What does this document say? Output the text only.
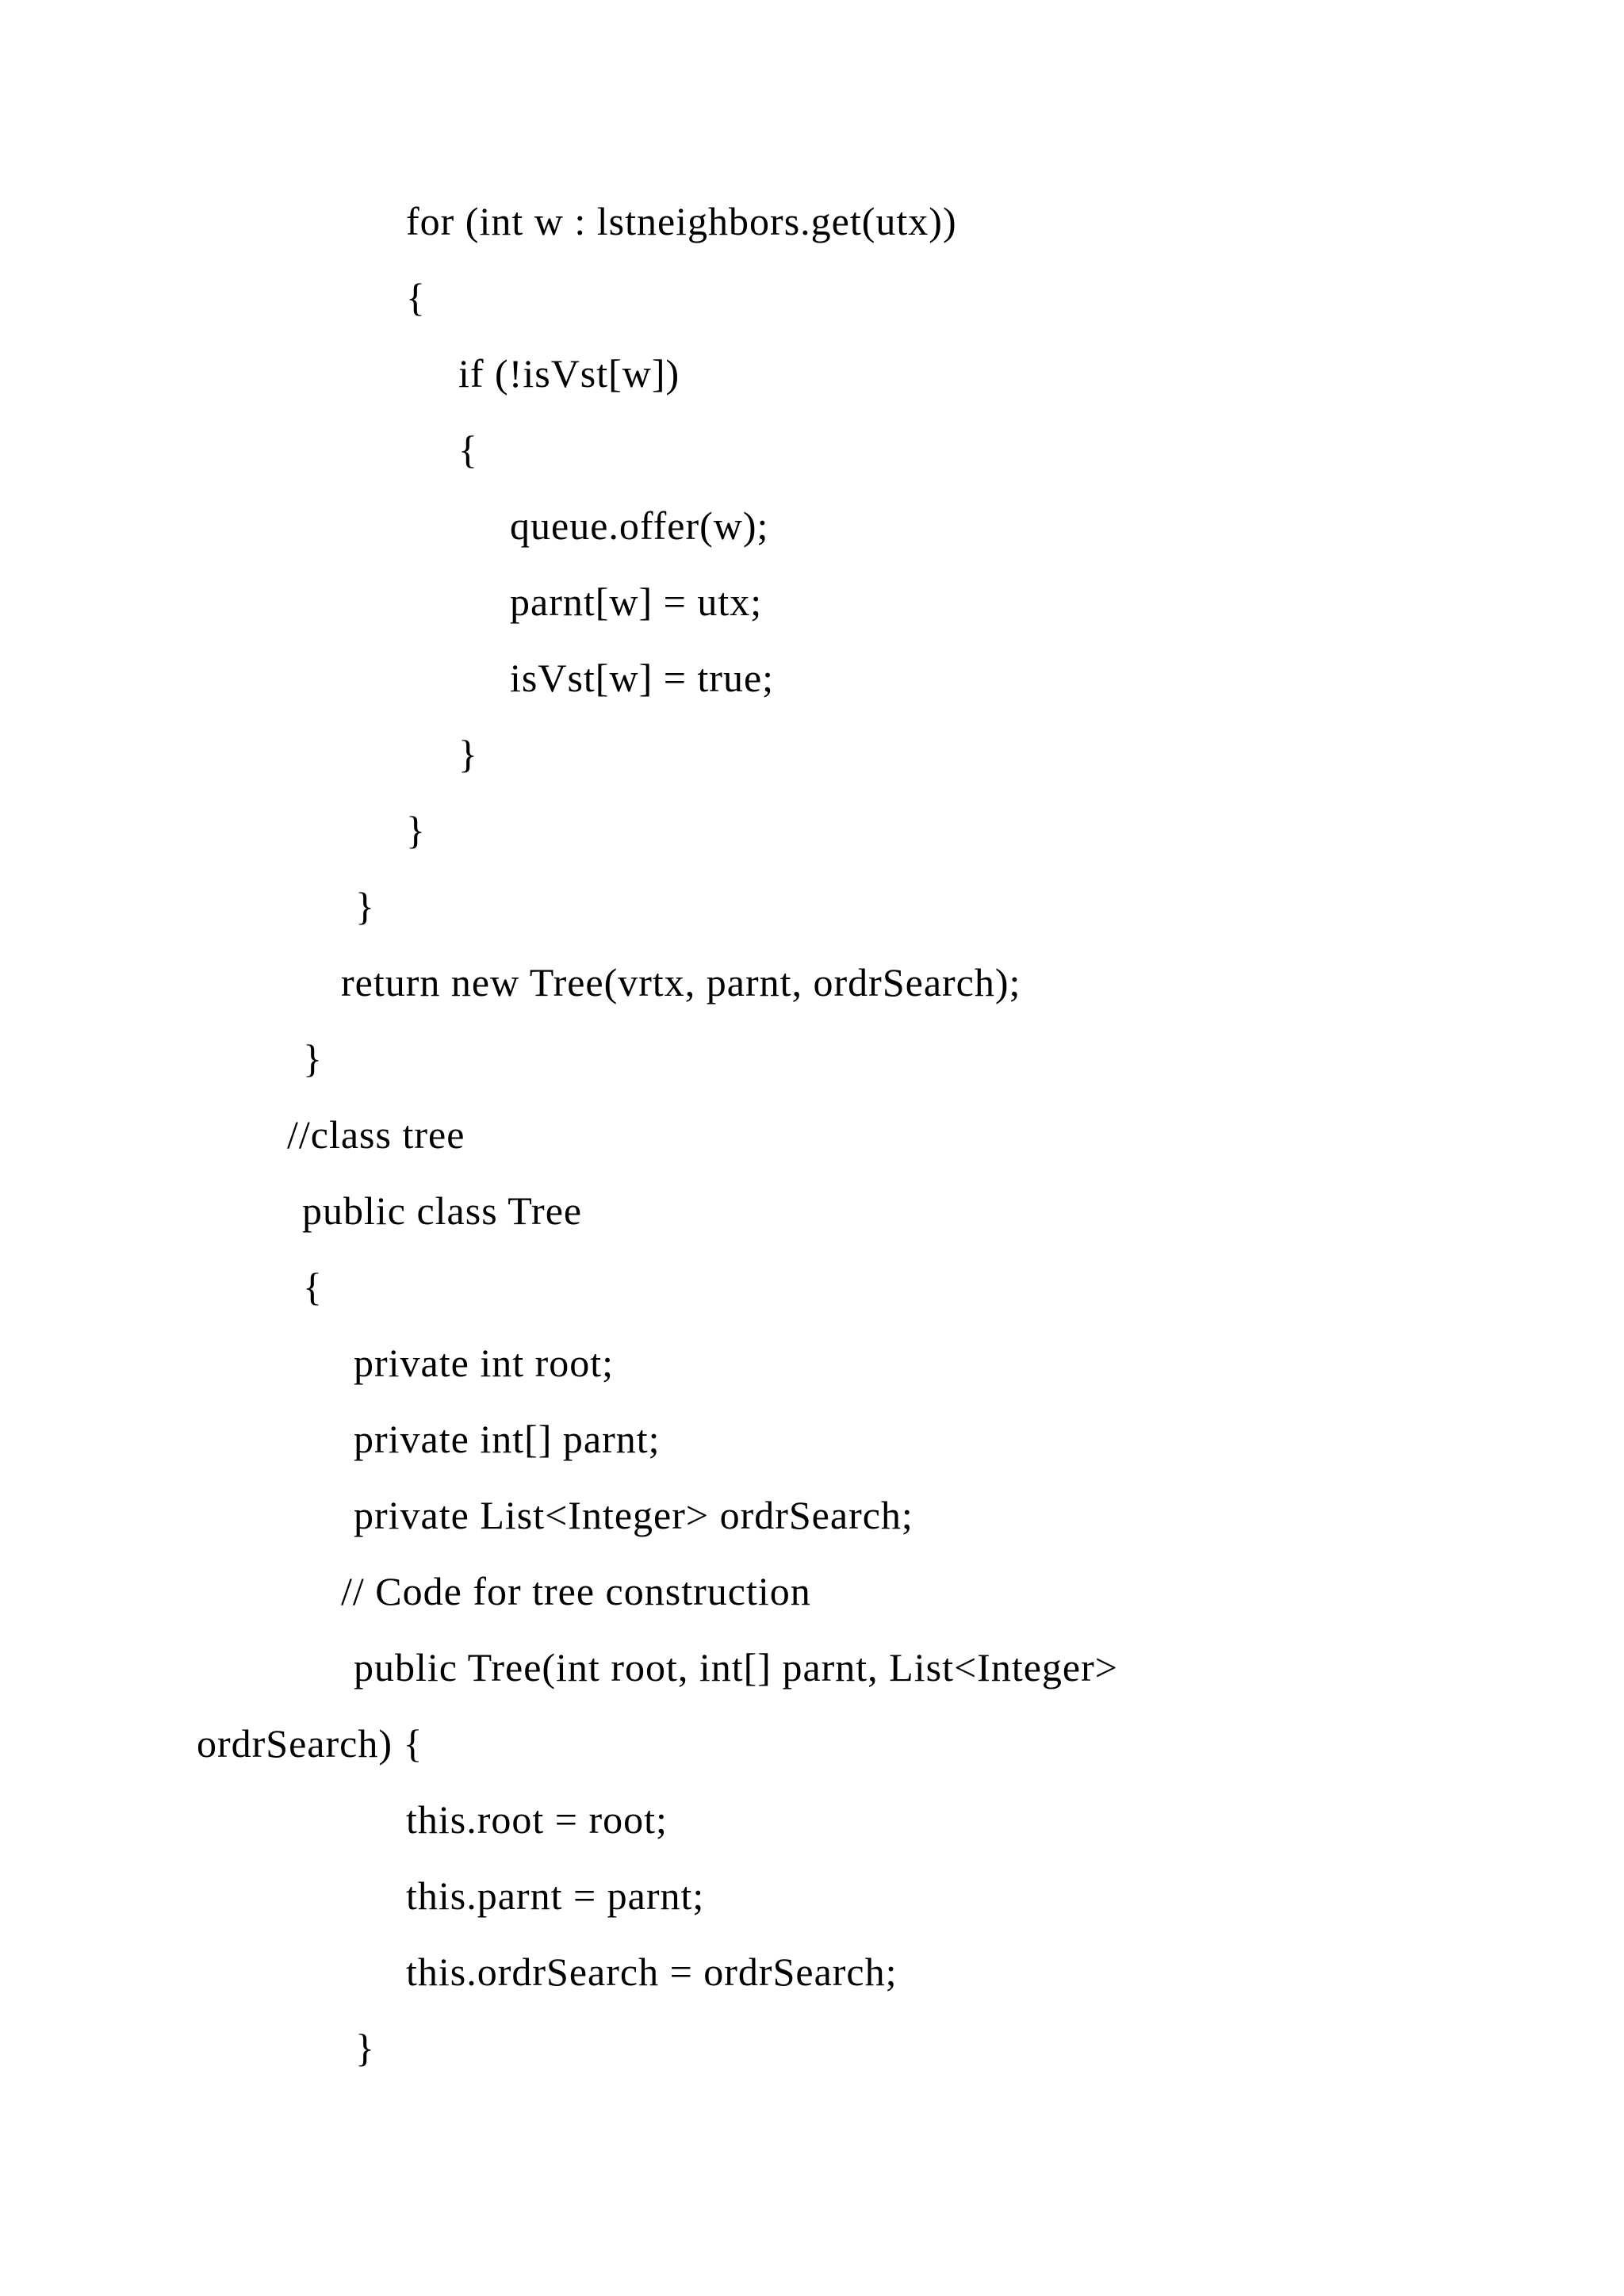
for (int w : lstneighbors.get(utx))
{
if (!isVst[w])
{
queue.offer(w);
parnt[w] = utx;
isVst[w] = true;
}
}
}
return new Tree(vrtx, parnt, ordrSearch);
}
//class tree
public class Tree
{
private int root;
private int[] parnt;
private List<Integer> ordrSearch;
// Code for tree construction
public Tree(int root, int[] parnt, List<Integer>
ordrSearch) {
this.root = root;
this.parnt = parnt;
this.ordrSearch = ordrSearch;
}
